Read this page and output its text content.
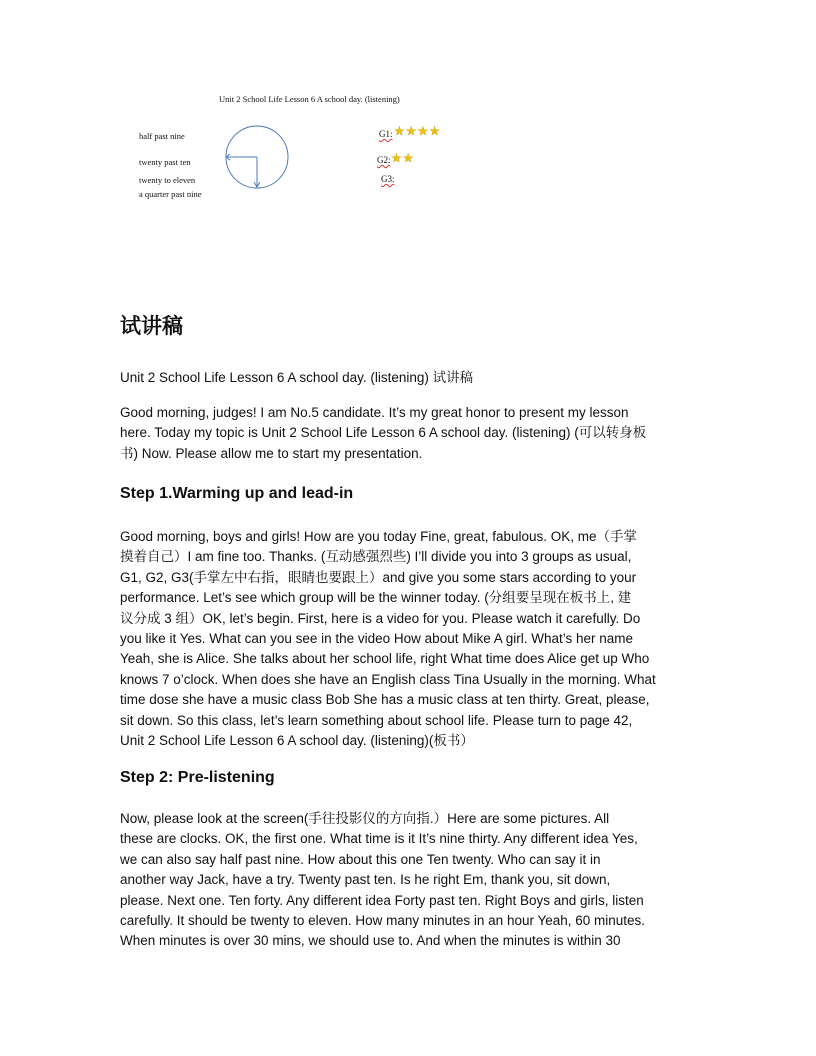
Unit 2 School Life Lesson 6 A school day. (listening)
half past nine
twenty past ten
twenty to eleven
a quarter past nine
G1: ★★★★
G2: ★★
G3:
试讲稿

Unit 2 School Life Lesson 6 A school day. (listening) 试讲稿

Good morning, judges! I am No.5 candidate. It’s my great honor to present my lesson
here. Today my topic is Unit 2 School Life Lesson 6 A school day. (listening) (可以转身板
书) Now. Please allow me to start my presentation.

Step 1.Warming up and lead-in

Good morning, boys and girls! How are you today Fine, great, fabulous. OK, me（手掌
摸着自己）I am fine too. Thanks. (互动感强烈些) I’ll divide you into 3 groups as usual,
G1, G2, G3(手掌左中右指，眼睛也要跟上）and give you some stars according to your
performance. Let’s see which group will be the winner today. (分组要呈现在板书上, 建
议分成 3 组）OK, let’s begin. First, here is a video for you. Please watch it carefully. Do
you like it Yes. What can you see in the video How about Mike A girl. What’s her name
Yeah, she is Alice. She talks about her school life, right What time does Alice get up Who
knows 7 o’clock. When does she have an English class Tina Usually in the morning. What
time dose she have a music class Bob She has a music class at ten thirty. Great, please,
sit down. So this class, let’s learn something about school life. Please turn to page 42,
Unit 2 School Life Lesson 6 A school day. (listening)(板书）

Step 2: Pre-listening

Now, please look at the screen(手往投影仪的方向指.）Here are some pictures. All
these are clocks. OK, the first one. What time is it It’s nine thirty. Any different idea Yes,
we can also say half past nine. How about this one Ten twenty. Who can say it in
another way Jack, have a try. Twenty past ten. Is he right Em, thank you, sit down,
please. Next one. Ten forty. Any different idea Forty past ten. Right Boys and girls, listen
carefully. It should be twenty to eleven. How many minutes in an hour Yeah, 60 minutes.
When minutes is over 30 mins, we should use to. And when the minutes is within 30
